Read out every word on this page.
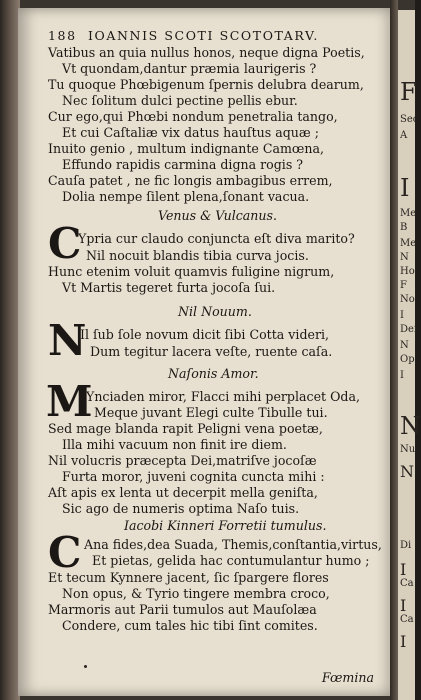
F
Sec
A
I
Me
B
Me
N
Ho
F
No
I
Dei
N
Op
I
N
Nu
N
Di
I
Ca
I
Ca
I
188 IOANNIS SCOTI SCOTOTARV.
Vatibus an quia nullus honos, neque digna Poetis,
Vt quondam,dantur præmia laurigeris ?
Tu quoque Phœbigenum ſpernis delubra dearum,
Nec ſolitum dulci pectine pellis ebur.
Cur ego,qui Phœbi nondum penetralia tango,
Et cui Caſtaliæ vix datus hauſtus aquæ ;
Inuito genio , multum indignante Camœna,
Effundo rapidis carmina digna rogis ?
Cauſa patet , ne fic longis ambagibus errem,
Dolia nempe ſilent plena,ſonant vacua.
Venus & Vulcanus.
C
Ypria cur claudo conjuncta eſt diva marito?
Nil nocuit blandis tibia curva jocis.
Hunc etenim voluit quamvis fuligine nigrum,
Vt Martis tegeret furta jocoſa ſui.
Nil Nouum.
N
Il ſub ſole novum dicit ſibi Cotta videri,
Dum tegitur lacera veſte, ruente caſa.
Naſonis Amor.
M
Ynciaden miror, Flacci mihi perplacet Oda,
Meque juvant Elegi culte Tibulle tui.
Sed mage blanda rapit Peligni vena poetæ,
Illa mihi vacuum non finit ire diem.
Nil volucris præcepta Dei,matriſve jocoſæ
Furta moror, juveni cognita cuncta mihi :
Aſt apis ex lenta ut decerpit mella geniſta,
Sic ago de numeris optima Naſo tuis.
Iacobi Kinneri Forretii tumulus.
C Ana fides,dea Suada, Themis,conſtantia,virtus,
Et pietas, gelida hac contumulantur humo ;
Et tecum Kynnere jacent, ſic ſpargere flores
Non opus, & Tyrio tingere membra croco,
Marmoris aut Parii tumulos aut Mauſolæa
Condere, cum tales hic tibi ſint comites.
Fœmina
